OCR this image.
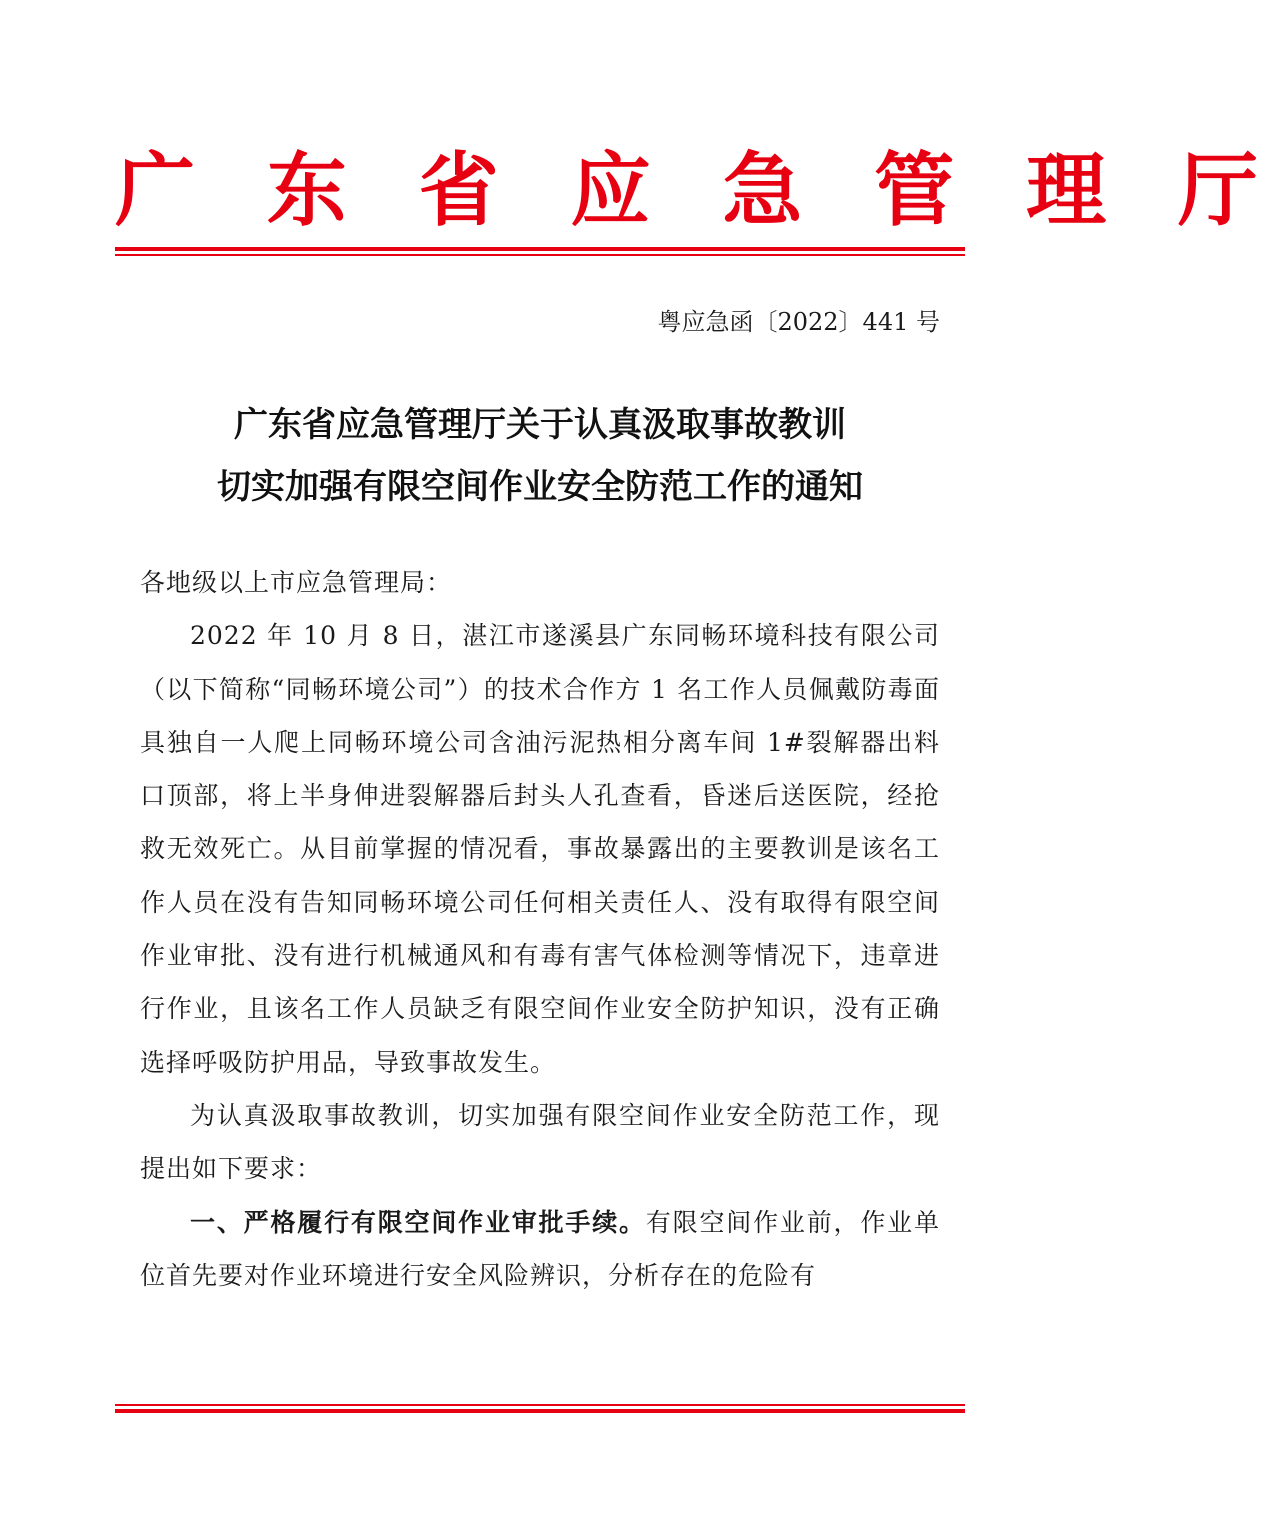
广 东 省 应 急 管 理 厅
粤应急函〔2022〕441 号
广东省应急管理厅关于认真汲取事故教训
切实加强有限空间作业安全防范工作的通知

各地级以上市应急管理局：

2022 年 10 月 8 日，湛江市遂溪县广东同畅环境科技有限公司（以下简称“同畅环境公司”）的技术合作方 1 名工作人员佩戴防毒面具独自一人爬上同畅环境公司含油污泥热相分离车间 1#裂解器出料口顶部，将上半身伸进裂解器后封头人孔查看，昏迷后送医院，经抢救无效死亡。从目前掌握的情况看，事故暴露出的主要教训是该名工作人员在没有告知同畅环境公司任何相关责任人、没有取得有限空间作业审批、没有进行机械通风和有毒有害气体检测等情况下，违章进行作业，且该名工作人员缺乏有限空间作业安全防护知识，没有正确选择呼吸防护用品，导致事故发生。

为认真汲取事故教训，切实加强有限空间作业安全防范工作，现提出如下要求：

一、严格履行有限空间作业审批手续。有限空间作业前，作业单位首先要对作业环境进行安全风险辨识，分析存在的危险有
